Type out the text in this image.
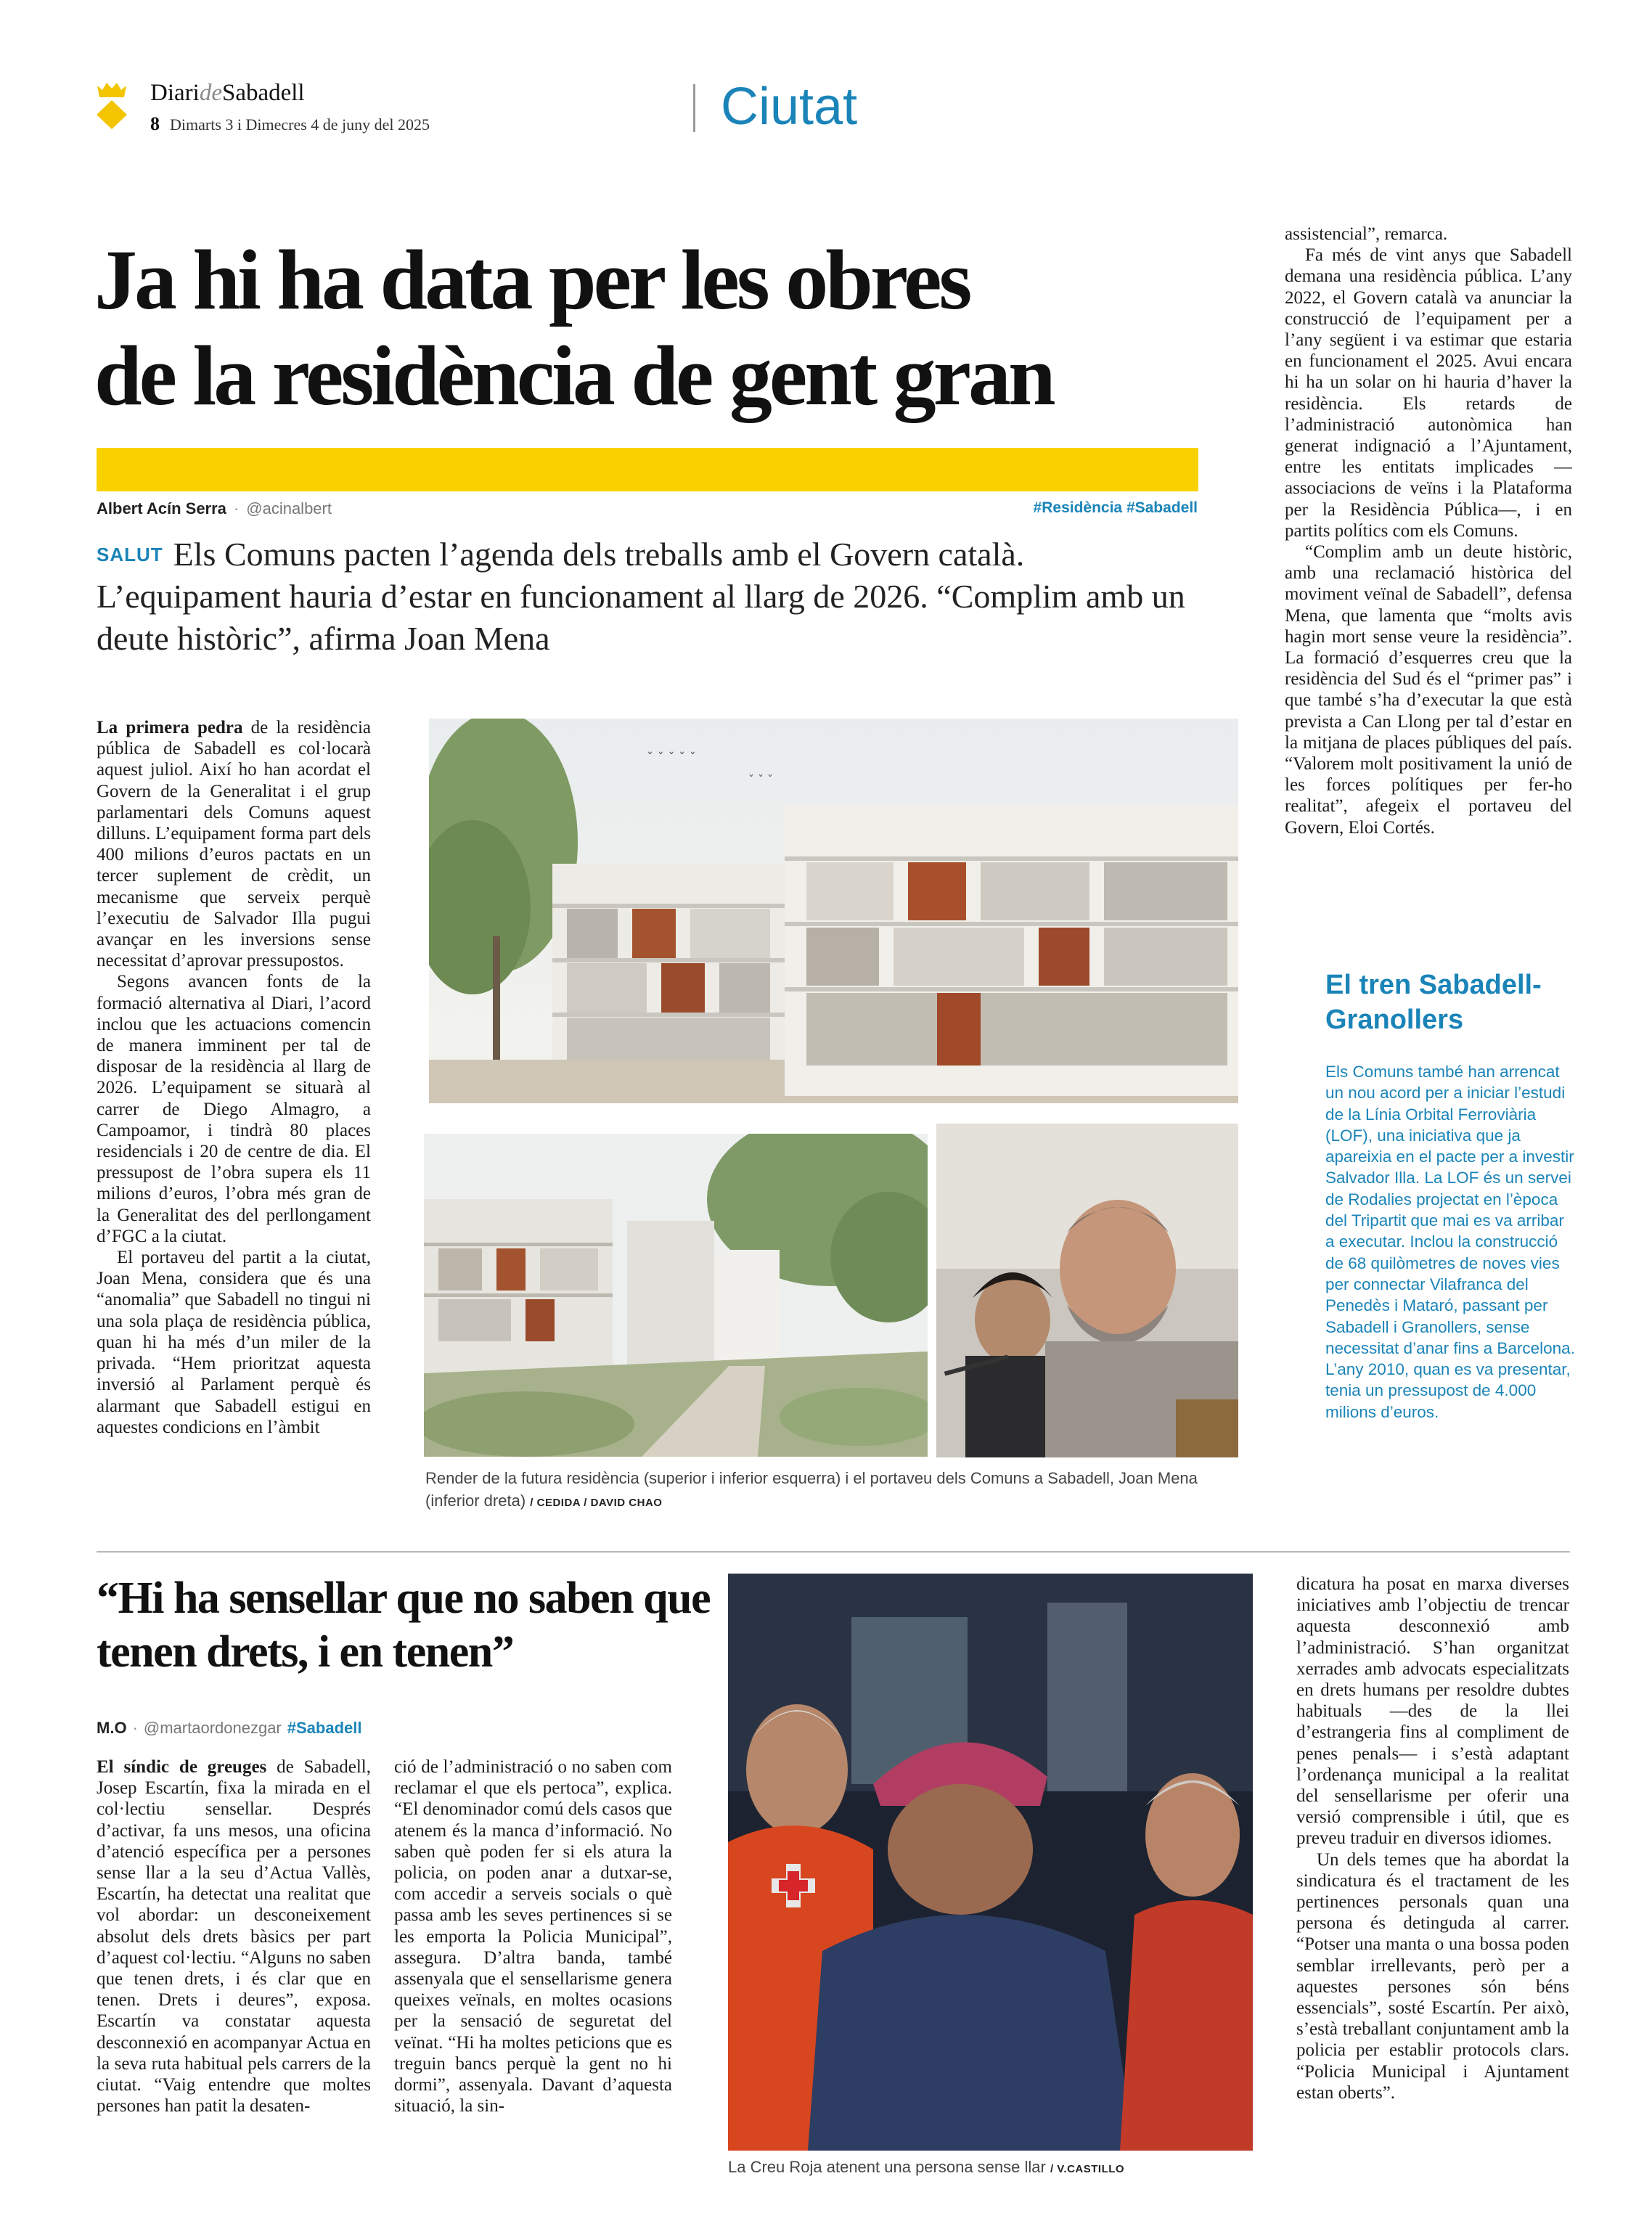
DiarideSabadell
8 Dimarts 3 i Dimecres 4 de juny del 2025	Ciutat
Ja hi ha data per les obres
de la residència de gent gran
Albert Acín Serra · @acinalbert	#Residència #Sabadell
SALUT Els Comuns pacten l’agenda dels treballs amb el Govern català. L’equipament hauria d’estar en funcionament al llarg de 2026. “Complim amb un deute històric”, afirma Joan Mena

La primera pedra de la residència pública de Sabadell es col·locarà aquest juliol. Així ho han acordat el Govern de la Generalitat i el grup parlamentari dels Comuns aquest dilluns. L’equipament forma part dels 400 milions d’euros pactats en un tercer suplement de crèdit, un mecanisme que serveix perquè l’executiu de Salvador Illa pugui avançar en les inversions sense necessitat d’aprovar pressupostos.

Segons avancen fonts de la formació alternativa al Diari, l’acord inclou que les actuacions comencin de manera imminent per tal de disposar de la residència al llarg de 2026. L’equipament se situarà al carrer de Diego Almagro, a Campoamor, i tindrà 80 places residencials i 20 de centre de dia. El pressupost de l’obra supera els 11 milions d’euros, l’obra més gran de la Generalitat des del perllongament d’FGC a la ciutat.

El portaveu del partit a la ciutat, Joan Mena, considera que és una “anomalia” que Sabadell no tingui ni una sola plaça de residència pública, quan hi ha més d’un miler de la privada. “Hem prioritzat aquesta inversió al Parlament perquè és alarmant que Sabadell estigui en aquestes condicions en l’àmbit

ˇ ˇ ˇ ˇ ˇ
ˇ ˇ ˇ
Render de la futura residència (superior i inferior esquerra) i el portaveu dels Comuns a Sabadell, Joan Mena (inferior dreta) / CEDIDA / DAVID CHAO

assistencial”, remarca.

Fa més de vint anys que Sabadell demana una residència pública. L’any 2022, el Govern català va anunciar la construcció de l’equipament per a l’any següent i va estimar que estaria en funcionament el 2025. Avui encara hi ha un solar on hi hauria d’haver la residència. Els retards de l’administració autonòmica han generat indignació a l’Ajuntament, entre les entitats implicades —associacions de veïns i la Plataforma per la Residència Pública—, i en partits polítics com els Comuns.

“Complim amb un deute històric, amb una reclamació històrica del moviment veïnal de Sabadell”, defensa Mena, que lamenta que “molts avis hagin mort sense veure la residència”. La formació d’esquerres creu que la residència del Sud és el “primer pas” i que també s’ha d’executar la que està prevista a Can Llong per tal d’estar en la mitjana de places públiques del país. “Valorem molt positivament la unió de les forces polítiques per fer-ho realitat”, afegeix el portaveu del Govern, Eloi Cortés.

El tren Sabadell-Granollers
Els Comuns també han arrencat un nou acord per a iniciar l’estudi de la Línia Orbital Ferroviària (LOF), una iniciativa que ja apareixia en el pacte per a investir Salvador Illa. La LOF és un servei de Rodalies projectat en l’època del Tripartit que mai es va arribar a executar. Inclou la construcció de 68 quilòmetres de noves vies per connectar Vilafranca del Penedès i Mataró, passant per Sabadell i Granollers, sense necessitat d’anar fins a Barcelona. L’any 2010, quan es va presentar, tenia un pressupost de 4.000 milions d’euros.
“Hi ha sensellar que no saben que tenen drets, i en tenen”
M.O · @martaordonezgar #Sabadell

El síndic de greuges de Sabadell, Josep Escartín, fixa la mirada en el col·lectiu sensellar. Després d’activar, fa uns mesos, una oficina d’atenció específica per a persones sense llar a la seu d’Actua Vallès, Escartín, ha detectat una realitat que vol abordar: un desconeixement absolut dels drets bàsics per part d’aquest col·lectiu. “Alguns no saben que tenen drets, i és clar que en tenen. Drets i deures”, exposa. Escartín va constatar aquesta desconnexió en acompanyar Actua en la seva ruta habitual pels carrers de la ciutat. “Vaig entendre que moltes persones han patit la desaten-

ció de l’administració o no saben com reclamar el que els pertoca”, explica. “El denominador comú dels casos que atenem és la manca d’informació. No saben què poden fer si els atura la policia, on poden anar a dutxar-se, com accedir a serveis socials o què passa amb les seves pertinences si se les emporta la Policia Municipal”, assegura. D’altra banda, també assenyala que el sensellarisme genera queixes veïnals, en moltes ocasions per la sensació de seguretat del veïnat. “Hi ha moltes peticions que es treguin bancs perquè la gent no hi dormi”, assenyala. Davant d’aquesta situació, la sin-

La Creu Roja atenent una persona sense llar / V.CASTILLO

dicatura ha posat en marxa diverses iniciatives amb l’objectiu de trencar aquesta desconnexió amb l’administració. S’han organitzat xerrades amb advocats especialitzats en drets humans per resoldre dubtes habituals —des de la llei d’estrangeria fins al compliment de penes penals— i s’està adaptant l’ordenança municipal a la realitat del sensellarisme per oferir una versió comprensible i útil, que es preveu traduir en diversos idiomes.

Un dels temes que ha abordat la sindicatura és el tractament de les pertinences personals quan una persona és detinguda al carrer. “Potser una manta o una bossa poden semblar irrellevants, però per a aquestes persones són béns essencials”, sosté Escartín. Per això, s’està treballant conjuntament amb la policia per establir protocols clars. “Policia Municipal i Ajuntament estan oberts”.
